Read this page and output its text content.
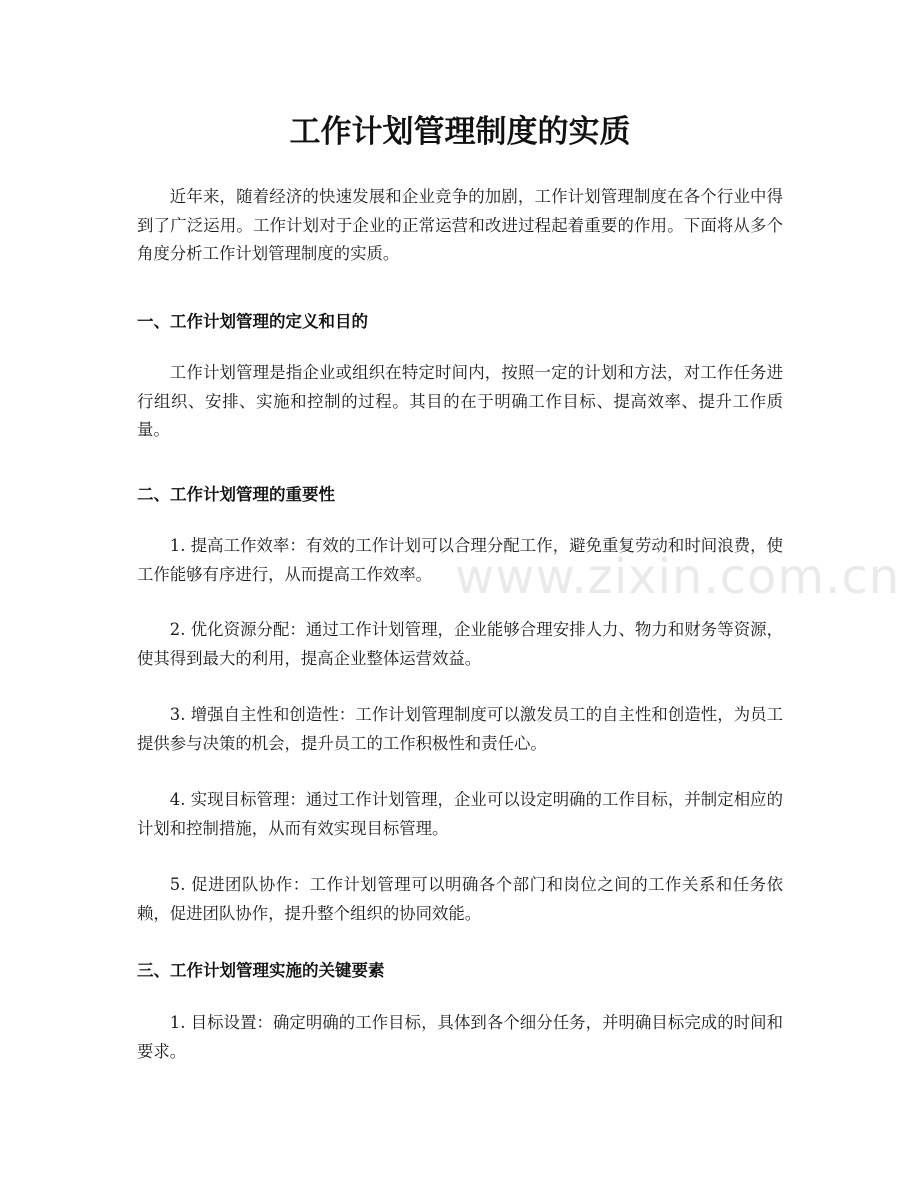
工作计划管理制度的实质

近年来，随着经济的快速发展和企业竞争的加剧，工作计划管理制度在各个行业中得到了广泛运用。工作计划对于企业的正常运营和改进过程起着重要的作用。下面将从多个角度分析工作计划管理制度的实质。

一、工作计划管理的定义和目的

工作计划管理是指企业或组织在特定时间内，按照一定的计划和方法，对工作任务进行组织、安排、实施和控制的过程。其目的在于明确工作目标、提高效率、提升工作质量。

二、工作计划管理的重要性

1. 提高工作效率：有效的工作计划可以合理分配工作，避免重复劳动和时间浪费，使工作能够有序进行，从而提高工作效率。

2. 优化资源分配：通过工作计划管理，企业能够合理安排人力、物力和财务等资源，使其得到最大的利用，提高企业整体运营效益。

3. 增强自主性和创造性：工作计划管理制度可以激发员工的自主性和创造性，为员工提供参与决策的机会，提升员工的工作积极性和责任心。

4. 实现目标管理：通过工作计划管理，企业可以设定明确的工作目标，并制定相应的计划和控制措施，从而有效实现目标管理。

5. 促进团队协作：工作计划管理可以明确各个部门和岗位之间的工作关系和任务依赖，促进团队协作，提升整个组织的协同效能。

三、工作计划管理实施的关键要素

1. 目标设置：确定明确的工作目标，具体到各个细分任务，并明确目标完成的时间和要求。

www.zixin.com.cn
